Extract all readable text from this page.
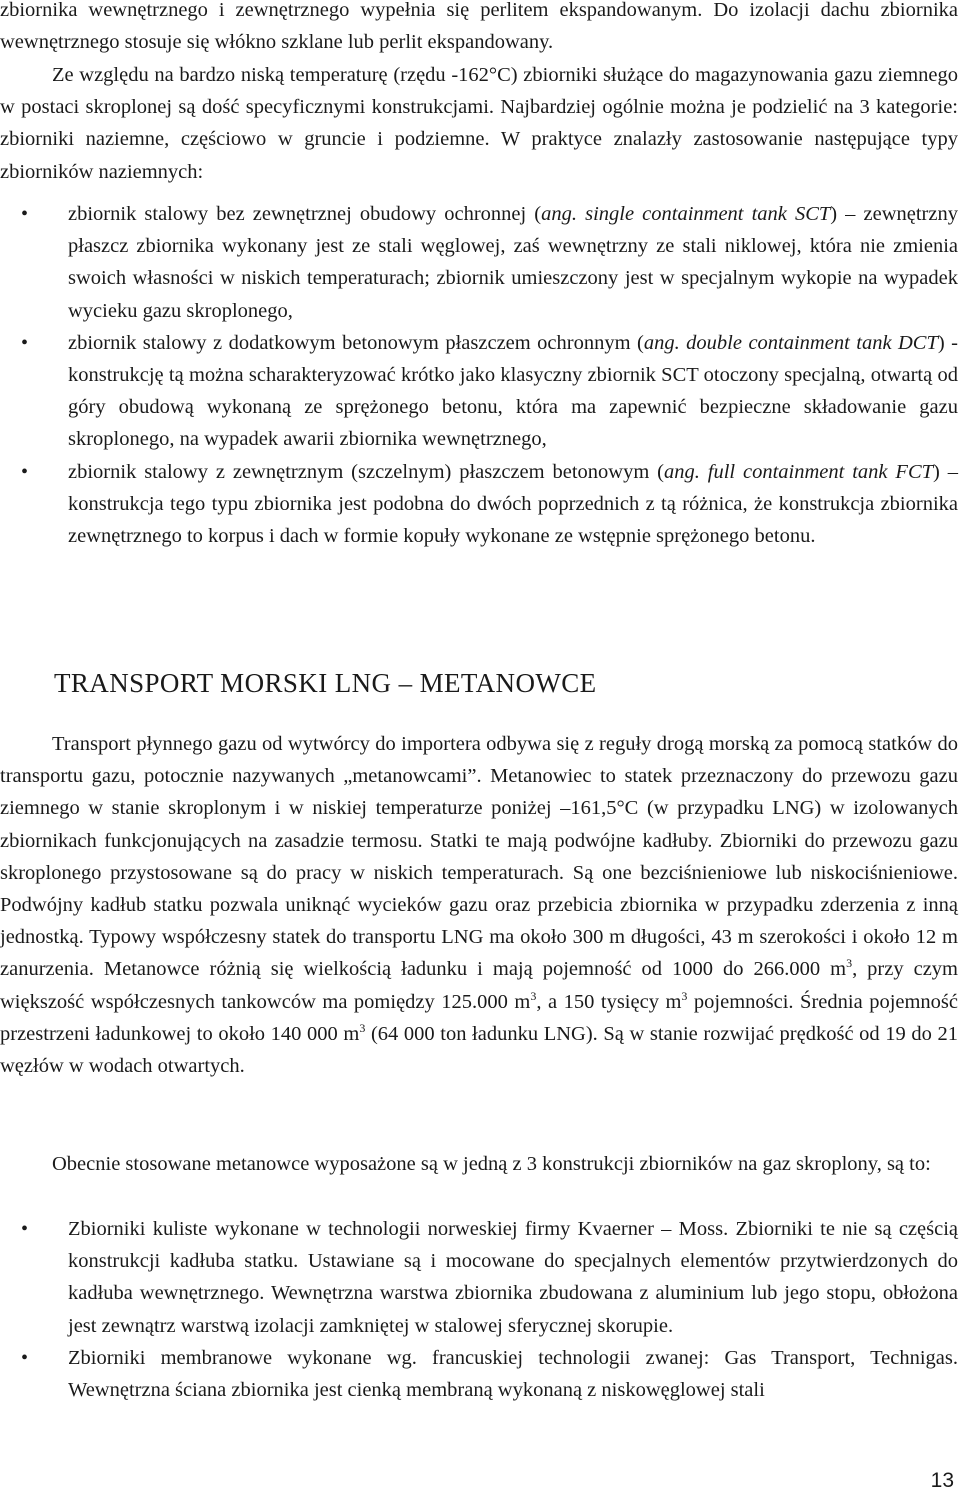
zbiornika wewnętrznego i zewnętrznego wypełnia się perlitem ekspandowanym. Do izolacji dachu zbiornika wewnętrznego stosuje się włókno szklane lub perlit ekspandowany.

Ze względu na bardzo niską temperaturę (rzędu -162°C) zbiorniki służące do magazynowania gazu ziemnego w postaci skroplonej są dość specyficznymi konstrukcjami. Najbardziej ogólnie można je podzielić na 3 kategorie: zbiorniki naziemne, częściowo w gruncie i podziemne. W praktyce znalazły zastosowanie następujące typy zbiorników naziemnych:

• zbiornik stalowy bez zewnętrznej obudowy ochronnej (ang. single containment tank SCT) – zewnętrzny płaszcz zbiornika wykonany jest ze stali węglowej, zaś wewnętrzny ze stali niklowej, która nie zmienia swoich własności w niskich temperaturach; zbiornik umieszczony jest w specjalnym wykopie na wypadek wycieku gazu skroplonego,
• zbiornik stalowy z dodatkowym betonowym płaszczem ochronnym (ang. double containment tank DCT) - konstrukcję tą można scharakteryzować krótko jako klasyczny zbiornik SCT otoczony specjalną, otwartą od góry obudową wykonaną ze sprężonego betonu, która ma zapewnić bezpieczne składowanie gazu skroplonego, na wypadek awarii zbiornika wewnętrznego,
• zbiornik stalowy z zewnętrznym (szczelnym) płaszczem betonowym (ang. full containment tank FCT) – konstrukcja tego typu zbiornika jest podobna do dwóch poprzednich z tą różnica, że konstrukcja zbiornika zewnętrznego to korpus i dach w formie kopuły wykonane ze wstępnie sprężonego betonu.
TRANSPORT MORSKI LNG – METANOWCE

Transport płynnego gazu od wytwórcy do importera odbywa się z reguły drogą morską za pomocą statków do transportu gazu, potocznie nazywanych „metanowcami”. Metanowiec to statek przeznaczony do przewozu gazu ziemnego w stanie skroplonym i w niskiej temperaturze poniżej –161,5°C (w przypadku LNG) w izolowanych zbiornikach funkcjonujących na zasadzie termosu. Statki te mają podwójne kadłuby. Zbiorniki do przewozu gazu skroplonego przystosowane są do pracy w niskich temperaturach. Są one bezciśnieniowe lub niskociśnieniowe. Podwójny kadłub statku pozwala uniknąć wycieków gazu oraz przebicia zbiornika w przypadku zderzenia z inną jednostką. Typowy współczesny statek do transportu LNG ma około 300 m długości, 43 m szerokości i około 12 m zanurzenia. Metanowce różnią się wielkością ładunku i mają pojemność od 1000 do 266.000 $m^3$, przy czym większość współczesnych tankowców ma pomiędzy 125.000 $m^3$, a 150 tysięcy $m^3$ pojemności. Średnia pojemność przestrzeni ładunkowej to około 140 000 $m^3$ (64 000 ton ładunku LNG). Są w stanie rozwijać prędkość od 19 do 21 węzłów w wodach otwartych.

Obecnie stosowane metanowce wyposażone są w jedną z 3 konstrukcji zbiorników na gaz skroplony, są to:

• Zbiorniki kuliste wykonane w technologii norweskiej firmy Kvaerner – Moss. Zbiorniki te nie są częścią konstrukcji kadłuba statku. Ustawiane są i mocowane do specjalnych elementów przytwierdzonych do kadłuba wewnętrznego. Wewnętrzna warstwa zbiornika zbudowana z aluminium lub jego stopu, obłożona jest zewnątrz warstwą izolacji zamkniętej w stalowej sferycznej skorupie.
• Zbiorniki membranowe wykonane wg. francuskiej technologii zwanej: Gas Transport, Technigas. Wewnętrzna ściana zbiornika jest cienką membraną wykonaną z niskowęglowej stali
13
